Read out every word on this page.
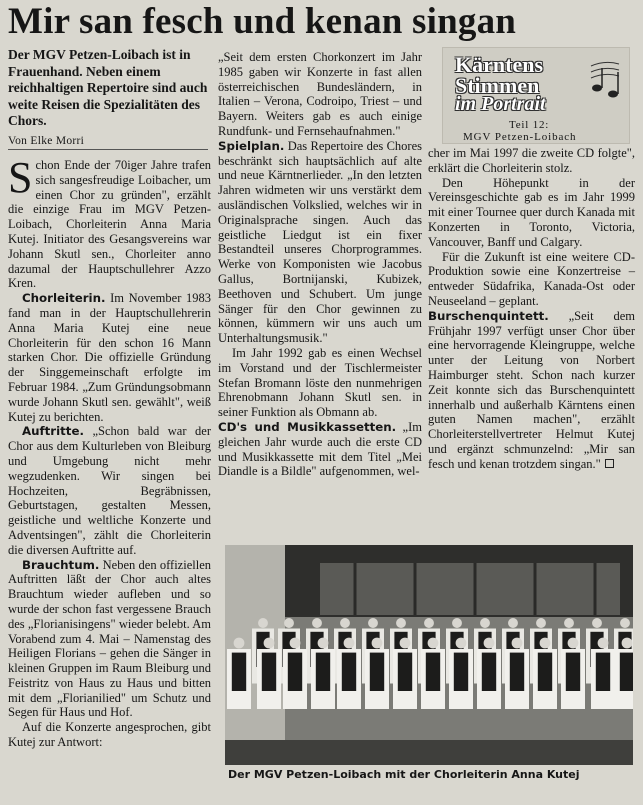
Mir san fesch und kenan singan
Der MGV Petzen-Loibach ist in Frauenhand. Neben einem reichhaltigen Repertoire sind auch weite Reisen die Spezialitäten des Chors.
Von Elke Morri

Schon Ende der 70iger Jahre trafen sich sangesfreudige Loibacher, um einen Chor zu gründen", erzählt die einzige Frau im MGV Petzen-Loibach, Chorleiterin Anna Maria Kutej. Initiator des Gesangsvereins war Johann Skutl sen., Chorleiter anno dazumal der Hauptschullehrer Azzo Kren.

Chorleiterin. Im November 1983 fand man in der Hauptschullehrerin Anna Maria Kutej eine neue Chorleiterin für den schon 16 Mann starken Chor. Die offizielle Gründung der Singgemeinschaft erfolgte im Februar 1984. „Zum Gründungsobmann wurde Johann Skutl sen. gewählt", weiß Kutej zu berichten.

Auftritte. „Schon bald war der Chor aus dem Kulturleben von Bleiburg und Umgebung nicht mehr wegzudenken. Wir singen bei Hochzeiten, Begräbnissen, Geburtstagen, gestalten Messen, geistliche und weltliche Konzerte und Adventsingen", zählt die Chorleiterin die diversen Auftritte auf.

Brauchtum. Neben den offiziellen Auftritten läßt der Chor auch altes Brauchtum wieder aufleben und so wurde der schon fast vergessene Brauch des „Florianisingens" wieder belebt. Am Vorabend zum 4. Mai – Namenstag des Heiligen Florians – gehen die Sänger in kleinen Gruppen im Raum Bleiburg und Feistritz von Haus zu Haus und bitten mit dem „Florianilied" um Schutz und Segen für Haus und Hof.

Auf die Konzerte angesprochen, gibt Kutej zur Antwort:

„Seit dem ersten Chorkonzert im Jahr 1985 gaben wir Konzerte in fast allen österreichischen Bundesländern, in Italien – Verona, Codroipo, Triest – und Bayern. Weiters gab es auch einige Rundfunk- und Fernsehaufnahmen."

Spielplan. Das Repertoire des Chores beschränkt sich hauptsächlich auf alte und neue Kärntnerlieder. „In den letzten Jahren widmeten wir uns verstärkt dem ausländischen Volkslied, welches wir in Originalsprache singen. Auch das geistliche Liedgut ist ein fixer Bestandteil unseres Chorprogrammes. Werke von Komponisten wie Jacobus Gallus, Bortnijanski, Kubizek, Beethoven und Schubert. Um junge Sänger für den Chor gewinnen zu können, kümmern wir uns auch um Unterhaltungsmusik."

Im Jahr 1992 gab es einen Wechsel im Vorstand und der Tischlermeister Stefan Bromann löste den nunmehrigen Ehrenobmann Johann Skutl sen. in seiner Funktion als Obmann ab.

CD's und Musikkassetten. „Im gleichen Jahr wurde auch die erste CD und Musikkassette mit dem Titel „Mei Diandle is a Bildle" aufgenommen, wel-

Kärntens
Stimmen
im Portrait
Teil 12:
MGV Petzen-Loibach

cher im Mai 1997 die zweite CD folgte", erklärt die Chorleiterin stolz.

Den Höhepunkt in der Vereinsgeschichte gab es im Jahr 1999 mit einer Tournee quer durch Kanada mit Konzerten in Toronto, Victoria, Vancouver, Banff und Calgary.

Für die Zukunft ist eine weitere CD-Produktion sowie eine Konzertreise – entweder Südafrika, Kanada-Ost oder Neuseeland – geplant.

Burschenquintett. „Seit dem Frühjahr 1997 verfügt unser Chor über eine hervorragende Kleingruppe, welche unter der Leitung von Norbert Haimburger steht. Schon nach kurzer Zeit konnte sich das Burschenquintett innerhalb und außerhalb Kärntens einen guten Namen machen", erzählt Chorleiterstellvertreter Helmut Kutej und ergänzt schmunzelnd: „Mir san fesch und kenan trotzdem singan."

Der MGV Petzen-Loibach mit der Chorleiterin Anna Kutej
